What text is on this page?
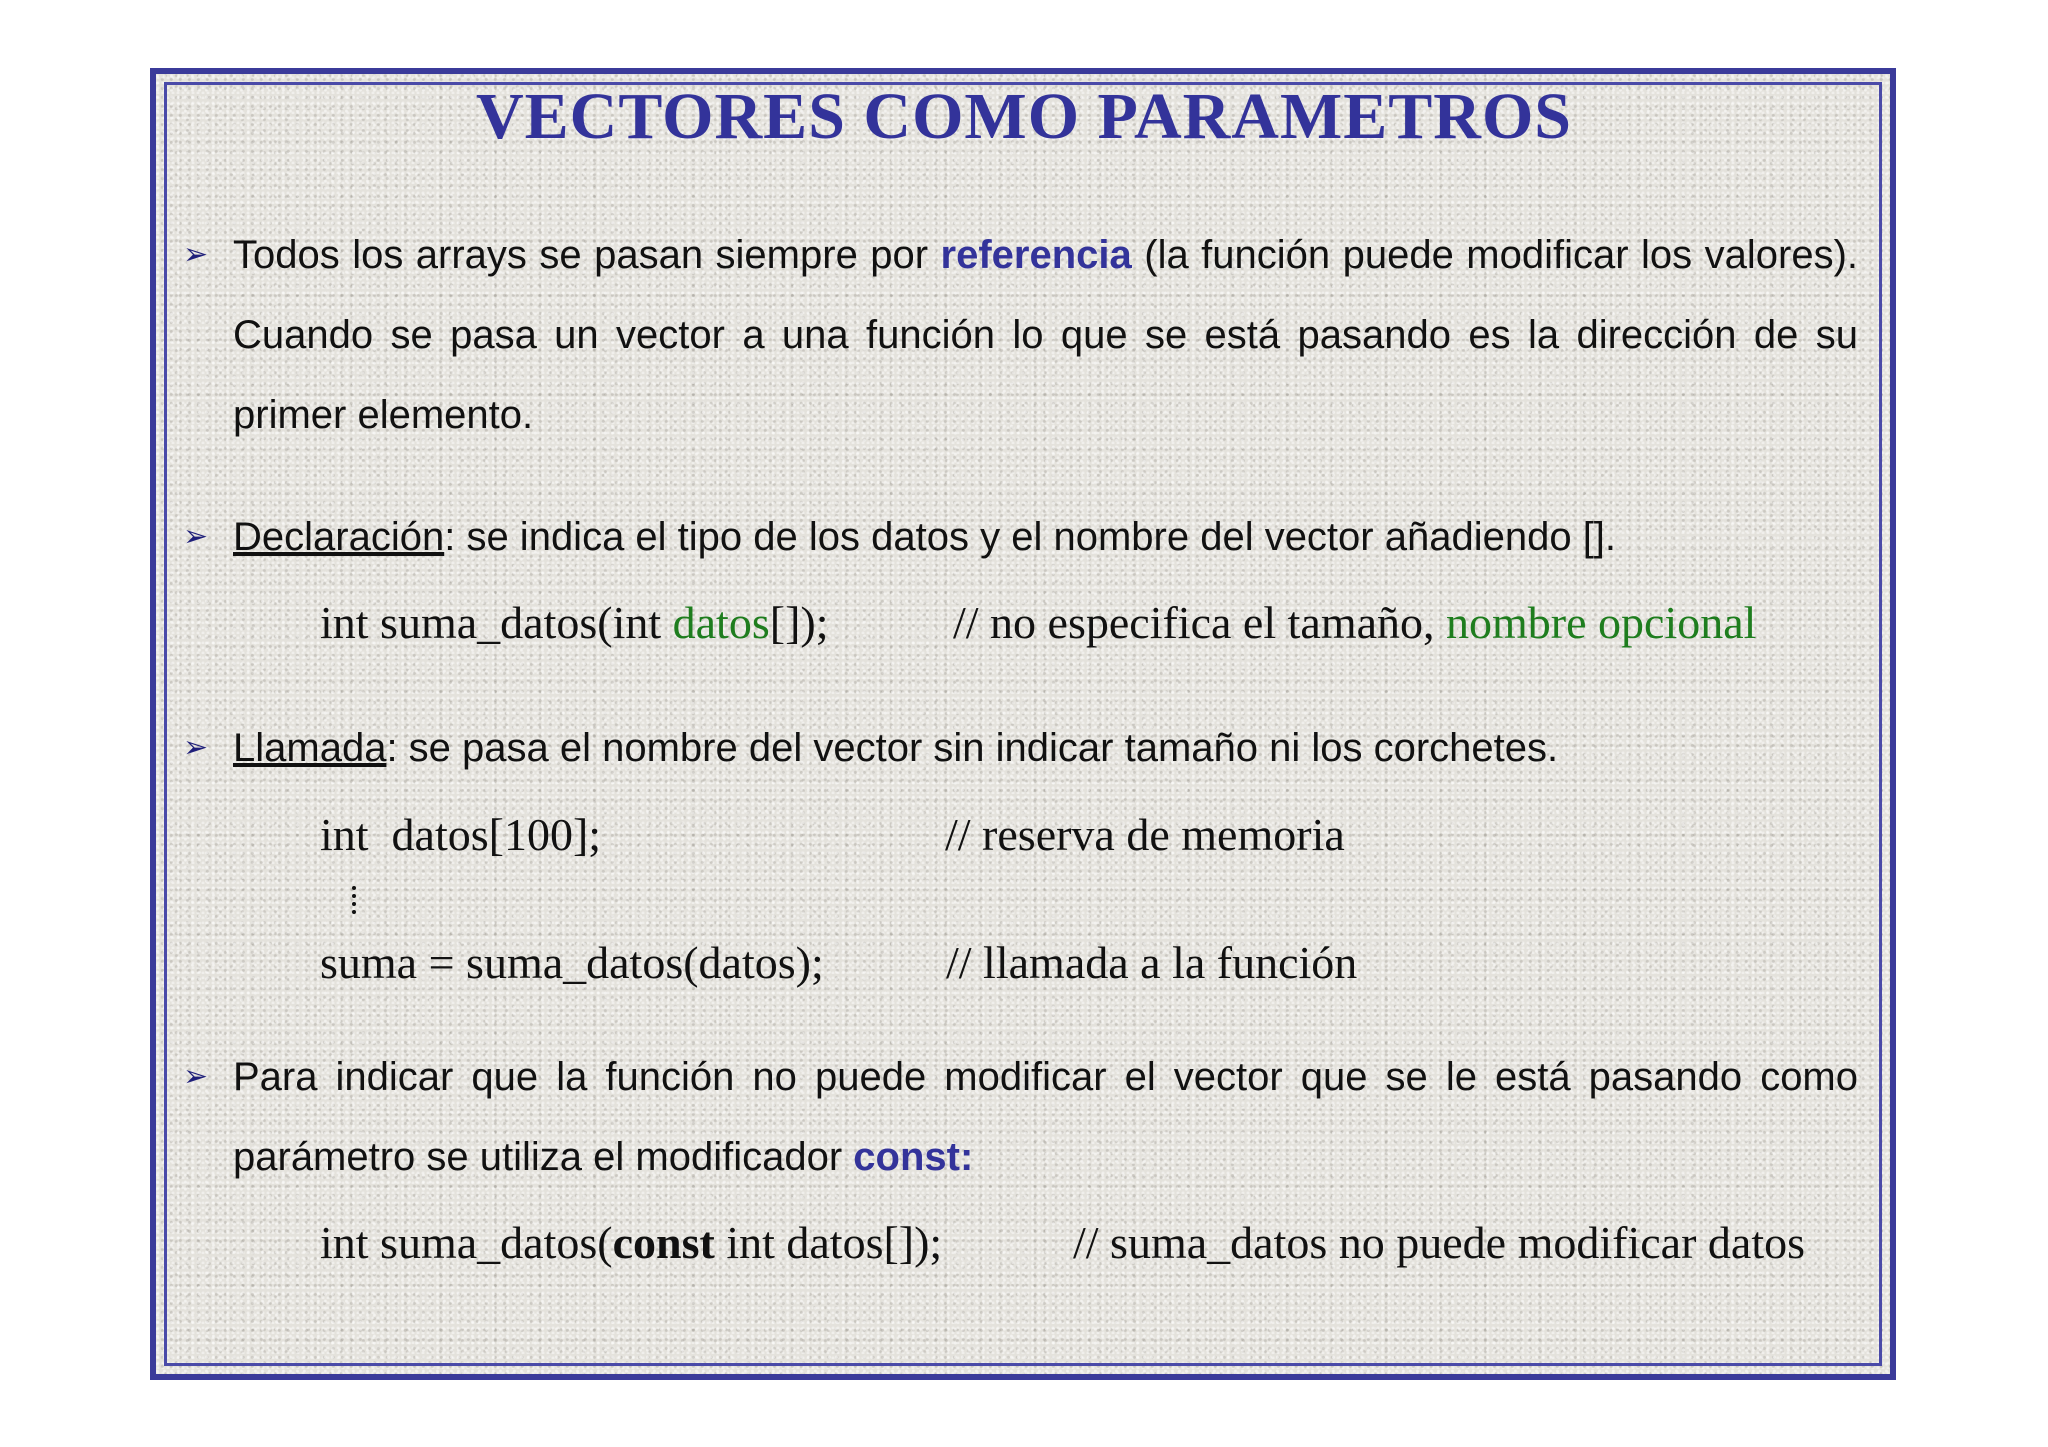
VECTORES COMO PARAMETROS
➢ Todos los arrays se pasan siempre por referencia (la función puede modificar los valores). Cuando se pasa un vector a una función lo que se está pasando es la dirección de su primer elemento.
➢ Declaración: se indica el tipo de los datos y el nombre del vector añadiendo [].
int suma_datos(int datos[]);	// no especifica el tamaño, nombre opcional
➢ Llamada: se pasa el nombre del vector sin indicar tamaño ni los corchetes.
int  datos[100];	// reserva de memoria
suma = suma_datos(datos);	// llamada a la función
➢ Para indicar que la función no puede modificar el vector que se le está pasando como parámetro se utiliza el modificador const:
int suma_datos(const int datos[]);	// suma_datos no puede modificar datos
